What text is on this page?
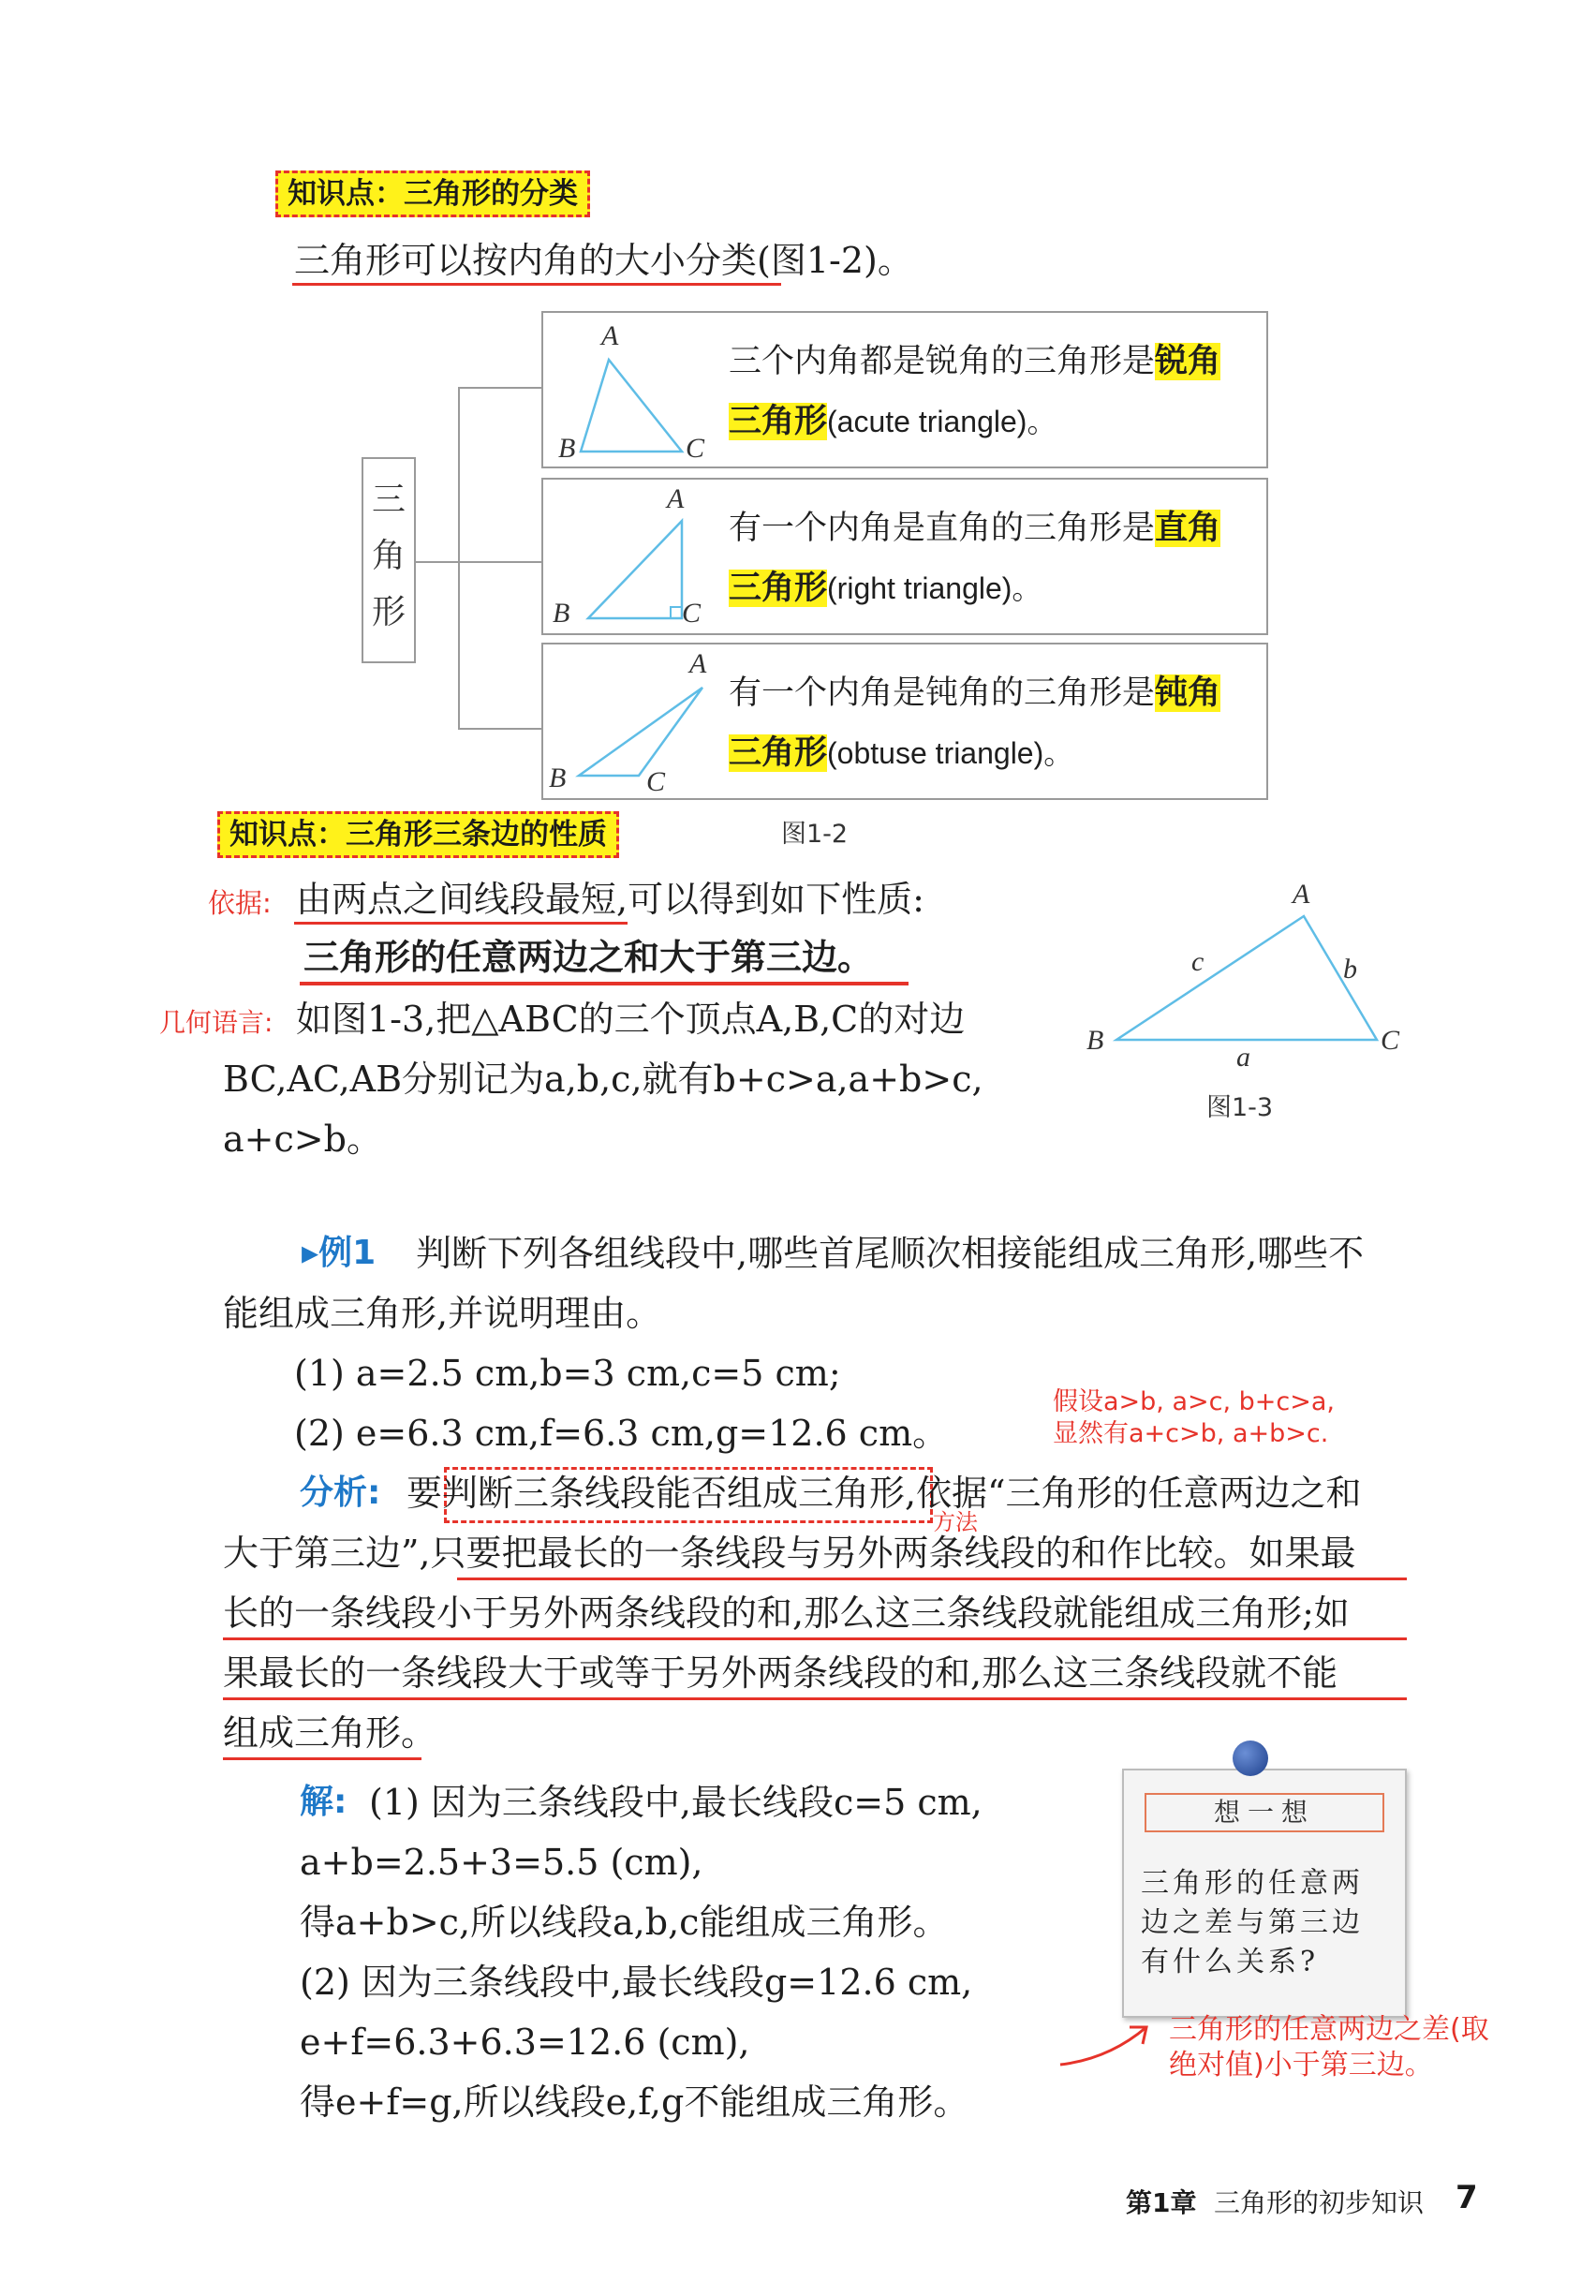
知识点：三角形的分类
三角形可以按内角的大小分类(图1-2)。
三
角
形
A
B	C
三个内角都是锐角的三角形是锐角
三角形(acute triangle)。
A
B	C
有一个内角是直角的三角形是直角
三角形(right triangle)。
A
B	C
有一个内角是钝角的三角形是钝角
三角形(obtuse triangle)。
图1-2
知识点：三角形三条边的性质
依据: 由两点之间线段最短,可以得到如下性质:
三角形的任意两边之和大于第三边。
几何语言: 如图1-3,把△ABC的三个顶点A,B,C的对边
BC,AC,AB分别记为a,b,c,就有b+c>a,a+b>c,
a+c>b。
A
B	C
a
b
c
图1-3
▸例1 判断下列各组线段中,哪些首尾顺次相接能组成三角形,哪些不
能组成三角形,并说明理由。
(1) a=2.5 cm,b=3 cm,c=5 cm;
(2) e=6.3 cm,f=6.3 cm,g=12.6 cm。
假设a>b, a>c, b+c>a,
显然有a+c>b, a+b>c.
分析: 要判断三条线段能否组成三角形,依据“三角形的任意两边之和
方法
大于第三边”,只要把最长的一条线段与另外两条线段的和作比较。如果最
长的一条线段小于另外两条线段的和,那么这三条线段就能组成三角形;如
果最长的一条线段大于或等于另外两条线段的和,那么这三条线段就不能
组成三角形。
解: (1) 因为三条线段中,最长线段c=5 cm,
a+b=2.5+3=5.5 (cm),
得a+b>c,所以线段a,b,c能组成三角形。
(2) 因为三条线段中,最长线段g=12.6 cm,
e+f=6.3+6.3=12.6 (cm),
得e+f=g,所以线段e,f,g不能组成三角形。
想一想
三角形的任意两边之差与第三边有什么关系?
三角形的任意两边之差(取
绝对值)小于第三边。
第1章 三角形的初步知识 7
